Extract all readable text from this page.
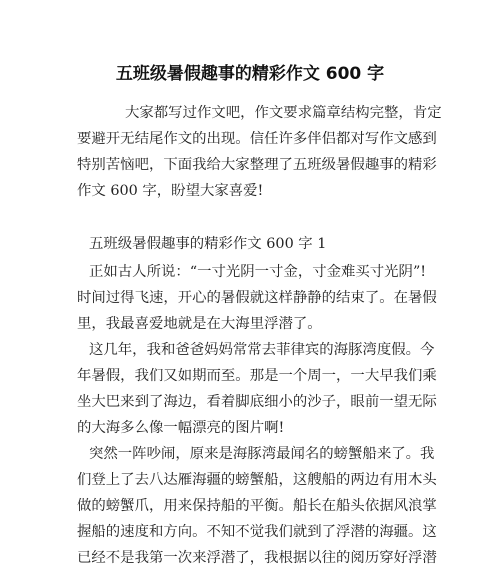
五班级暑假趣事的精彩作文 600 字
大家都写过作文吧，作文要求篇章结构完整，肯定
要避开无结尾作文的出现。信任许多伴侣都对写作文感到
特别苦恼吧，下面我给大家整理了五班级暑假趣事的精彩
作文 600 字，盼望大家喜爱!
五班级暑假趣事的精彩作文 600 字 1
正如古人所说：“一寸光阴一寸金，寸金难买寸光阴”!
时间过得飞速，开心的暑假就这样静静的结束了。在暑假
里，我最喜爱地就是在大海里浮潜了。
这几年，我和爸爸妈妈常常去菲律宾的海豚湾度假。今
年暑假，我们又如期而至。那是一个周一，一大早我们乘
坐大巴来到了海边，看着脚底细小的沙子，眼前一望无际
的大海多么像一幅漂亮的图片啊!
突然一阵吵闹，原来是海豚湾最闻名的螃蟹船来了。我
们登上了去八达雁海疆的螃蟹船，这艘船的两边有用木头
做的螃蟹爪，用来保持船的平衡。船长在船头依据风浪掌
握船的速度和方向。不知不觉我们就到了浮潜的海疆。这
已经不是我第一次来浮潜了，我根据以往的阅历穿好浮潜
